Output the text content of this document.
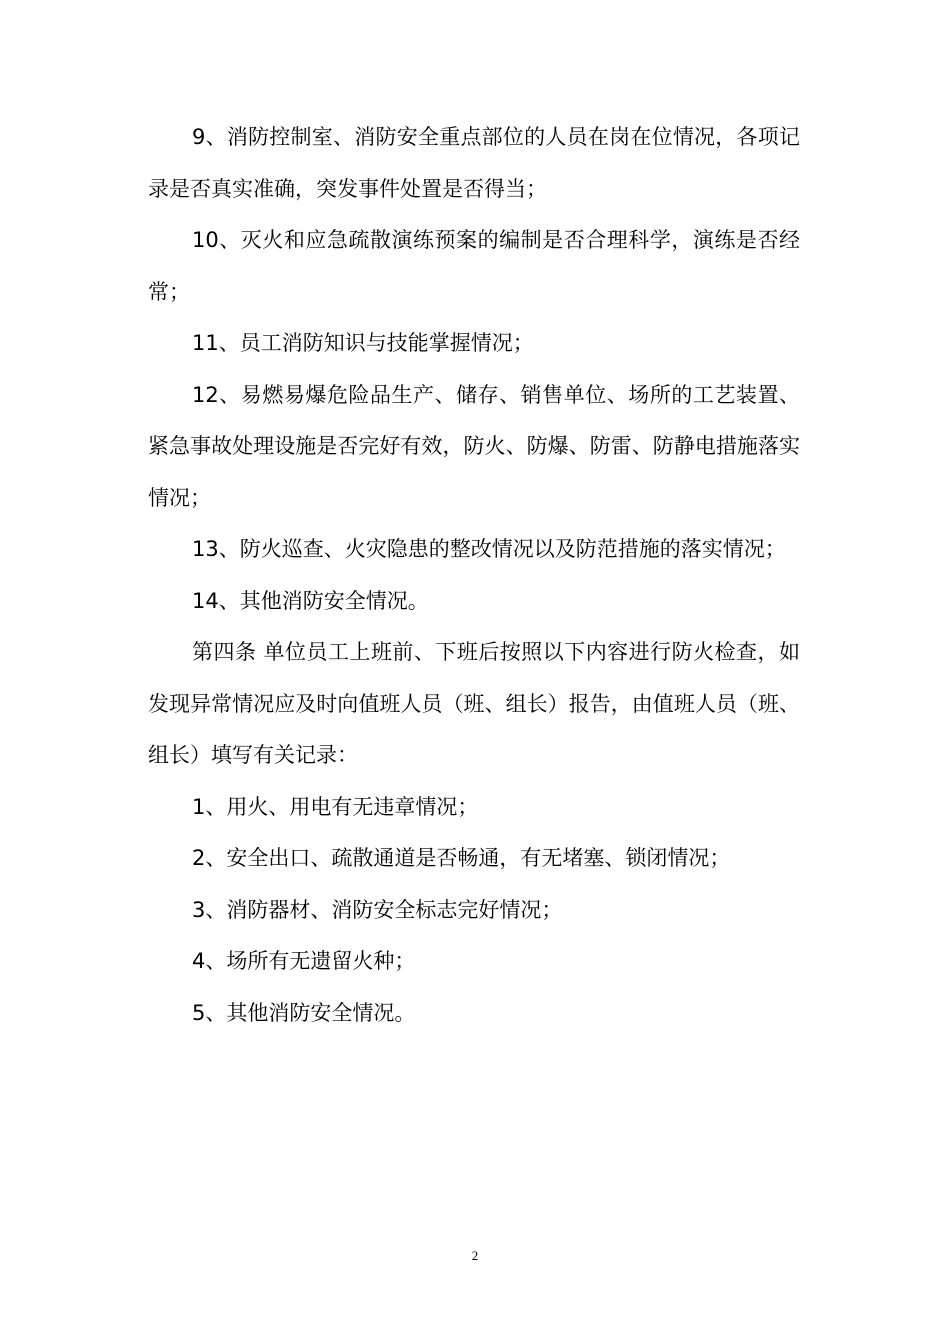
9、消防控制室、消防安全重点部位的人员在岗在位情况，各项记录是否真实准确，突发事件处置是否得当；

10、灭火和应急疏散演练预案的编制是否合理科学，演练是否经常；

11、员工消防知识与技能掌握情况；

12、易燃易爆危险品生产、储存、销售单位、场所的工艺装置、紧急事故处理设施是否完好有效，防火、防爆、防雷、防静电措施落实情况；

13、防火巡查、火灾隐患的整改情况以及防范措施的落实情况；

14、其他消防安全情况。

第四条 单位员工上班前、下班后按照以下内容进行防火检查，如发现异常情况应及时向值班人员（班、组长）报告，由值班人员（班、组长）填写有关记录：

1、用火、用电有无违章情况；

2、安全出口、疏散通道是否畅通，有无堵塞、锁闭情况；

3、消防器材、消防安全标志完好情况；

4、场所有无遗留火种；

5、其他消防安全情况。

2
